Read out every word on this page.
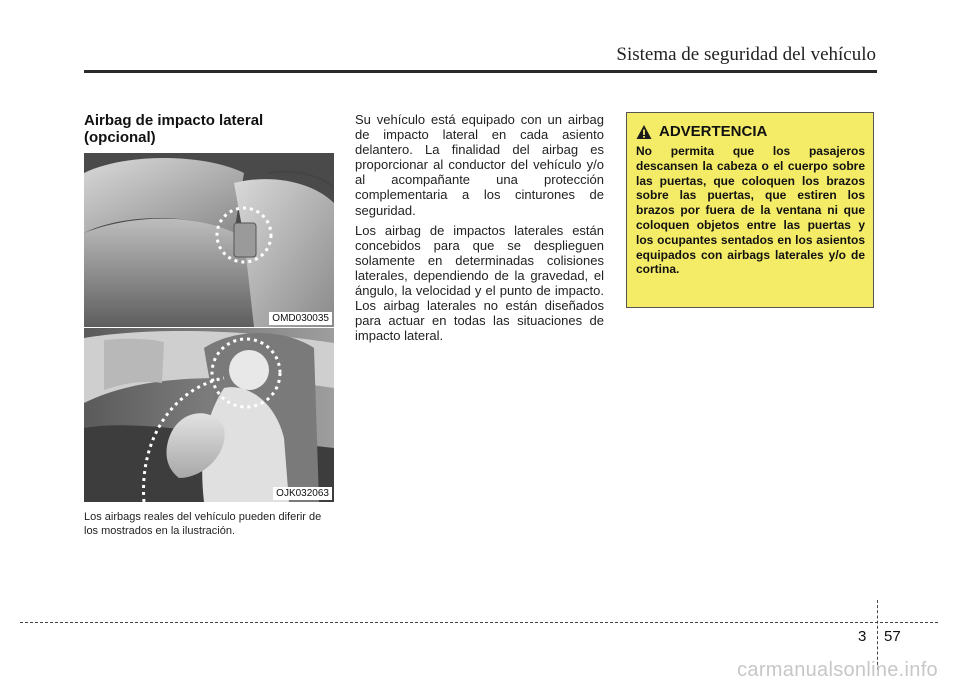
Sistema de seguridad del vehículo
Airbag de impacto lateral (opcional)
OMD030035
OJK032063
Los airbags reales del vehículo pueden diferir de los mostrados en la ilustración.

Su vehículo está equipado con un airbag de impacto lateral en cada asiento delantero. La finalidad del airbag es proporcionar al conductor del vehículo y/o al acompañante una protección complementaria a los cinturones de seguridad.

Los airbag de impactos laterales están concebidos para que se desplieguen solamente en determinadas colisiones laterales, dependiendo de la gravedad, el ángulo, la velocidad y el punto de impacto. Los airbag laterales no están diseñados para actuar en todas las situaciones de impacto lateral.

ADVERTENCIA
No permita que los pasajeros descansen la cabeza o el cuerpo sobre las puertas, que coloquen los brazos sobre las puertas, que estiren los brazos por fuera de la ventana ni que coloquen objetos entre las puertas y los ocupantes sentados en los asientos equipados con airbags laterales y/o de cortina.
3 57
carmanualsonline.info
